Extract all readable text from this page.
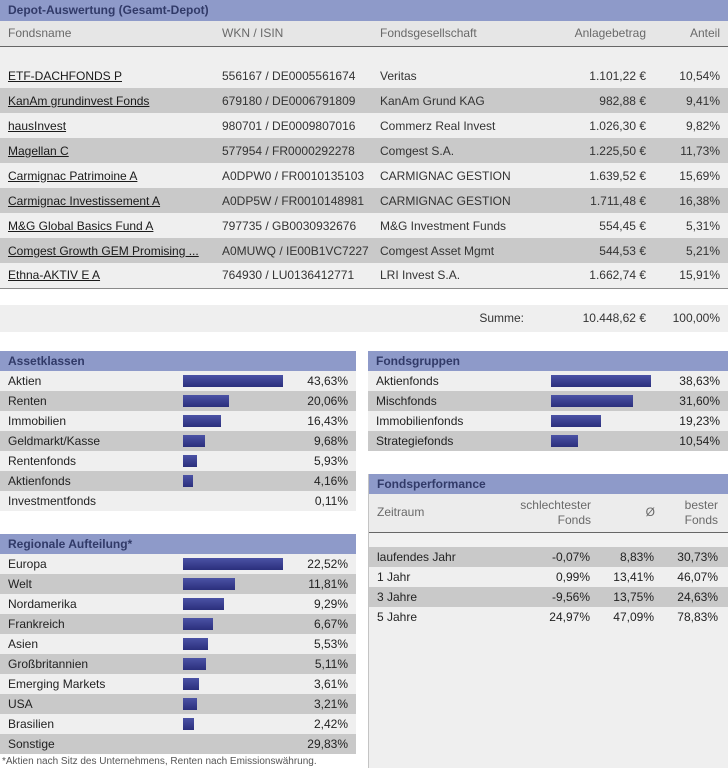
Depot-Auswertung (Gesamt-Depot)
Fondsname	WKN / ISIN	Fondsgesellschaft	Anlagebetrag	Anteil

ETF-DACHFONDS P	556167 / DE0005561674	Veritas	1.101,22 €	10,54%
KanAm grundinvest Fonds	679180 / DE0006791809	KanAm Grund KAG	982,88 €	9,41%
hausInvest	980701 / DE0009807016	Commerz Real Invest	1.026,30 €	9,82%
Magellan C	577954 / FR0000292278	Comgest S.A.	1.225,50 €	11,73%
Carmignac Patrimoine A	A0DPW0 / FR0010135103	CARMIGNAC GESTION	1.639,52 €	15,69%
Carmignac Investissement A	A0DP5W / FR0010148981	CARMIGNAC GESTION	1.711,48 €	16,38%
M&G Global Basics Fund A	797735 / GB0030932676	M&G Investment Funds	554,45 €	5,31%
Comgest Growth GEM Promising ...	A0MUWQ / IE00B1VC7227	Comgest Asset Mgmt	544,53 €	5,21%
Ethna-AKTIV E A	764930 / LU0136412771	LRI Invest S.A.	1.662,74 €	15,91%
		Summe:	10.448,62 €	100,00%
Assetklassen
Aktien	43,63%
Renten	20,06%
Immobilien	16,43%
Geldmarkt/Kasse	9,68%
Rentenfonds	5,93%
Aktienfonds	4,16%
Investmentfonds	0,11%
Regionale Aufteilung*
Europa	22,52%
Welt	11,81%
Nordamerika	9,29%
Frankreich	6,67%
Asien	5,53%
Großbritannien	5,11%
Emerging Markets	3,61%
USA	3,21%
Brasilien	2,42%
Sonstige	29,83%
*Aktien nach Sitz des Unternehmens, Renten nach Emissionswährung.
Fondsgruppen
Aktienfonds	38,63%
Mischfonds	31,60%
Immobilienfonds	19,23%
Strategiefonds	10,54%
Fondsperformance
Zeitraum	schlechtester Fonds	Ø	bester Fonds

laufendes Jahr	-0,07%	8,83%	30,73%
1 Jahr	0,99%	13,41%	46,07%
3 Jahre	-9,56%	13,75%	24,63%
5 Jahre	24,97%	47,09%	78,83%
